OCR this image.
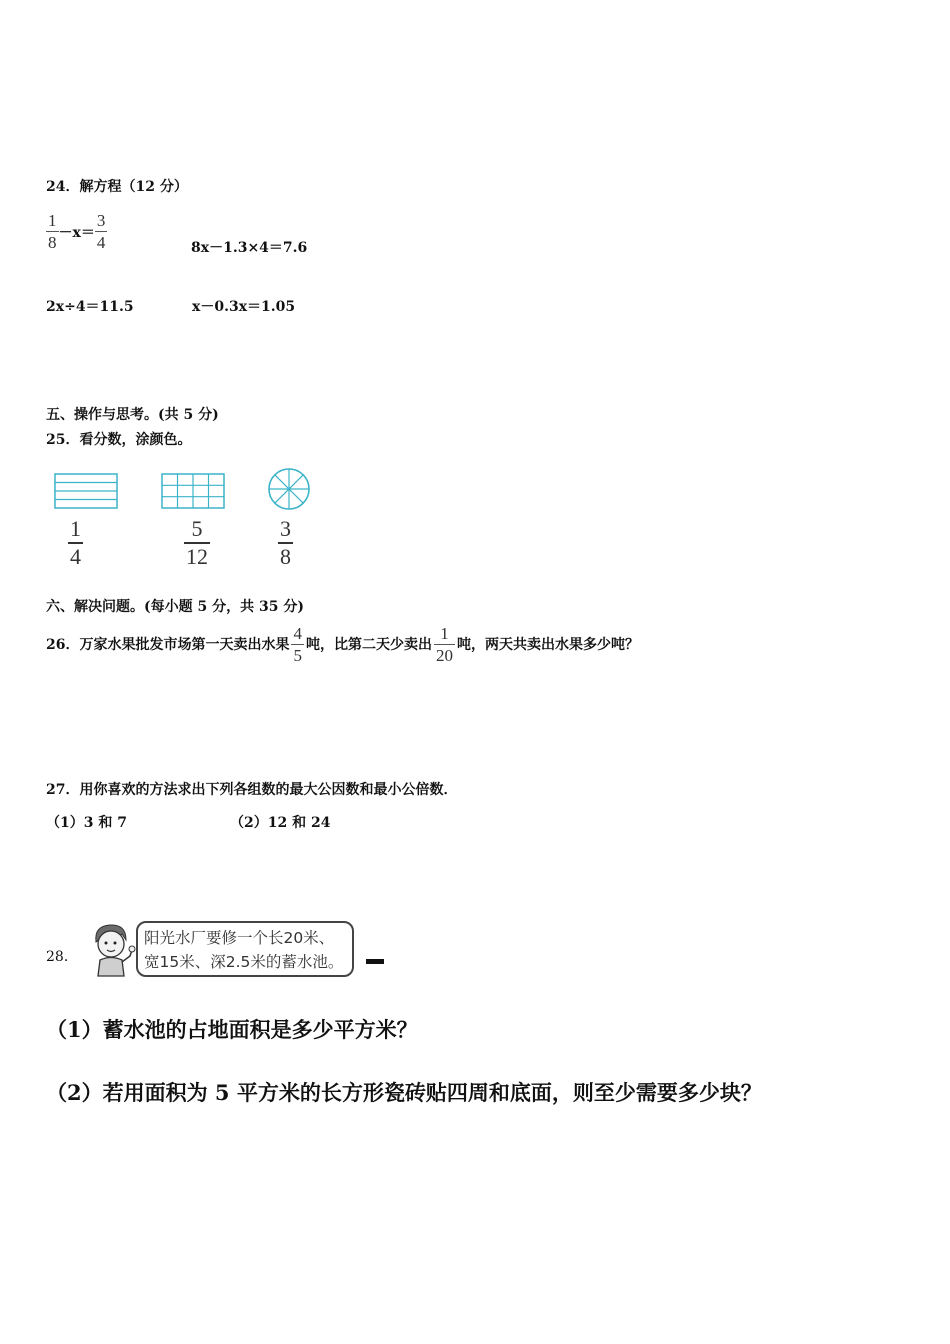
24．解方程（12 分）
$\frac{1}{8} -x= \frac{3}{4}$	8x－1.3×4＝7.6
2x÷4＝11.5	x－0.3x＝1.05
五、操作与思考。(共 5 分)
25．看分数，涂颜色。
$\frac{1}{4}$	$\frac{5}{12}$	$\frac{3}{8}$
六、解决问题。(每小题 5 分，共 35 分)
26．万家水果批发市场第一天卖出水果 $\frac{4}{5}$ 吨，比第二天少卖出 $\frac{1}{20}$ 吨，两天共卖出水果多少吨？
27．用你喜欢的方法求出下列各组数的最大公因数和最小公倍数．
（1）3 和 7	（2）12 和 24
28．
阳光水厂要修一个长20米、
宽15米、深2.5米的蓄水池。
（1）蓄水池的占地面积是多少平方米？
（2）若用面积为 5 平方米的长方形瓷砖贴四周和底面，则至少需要多少块？
